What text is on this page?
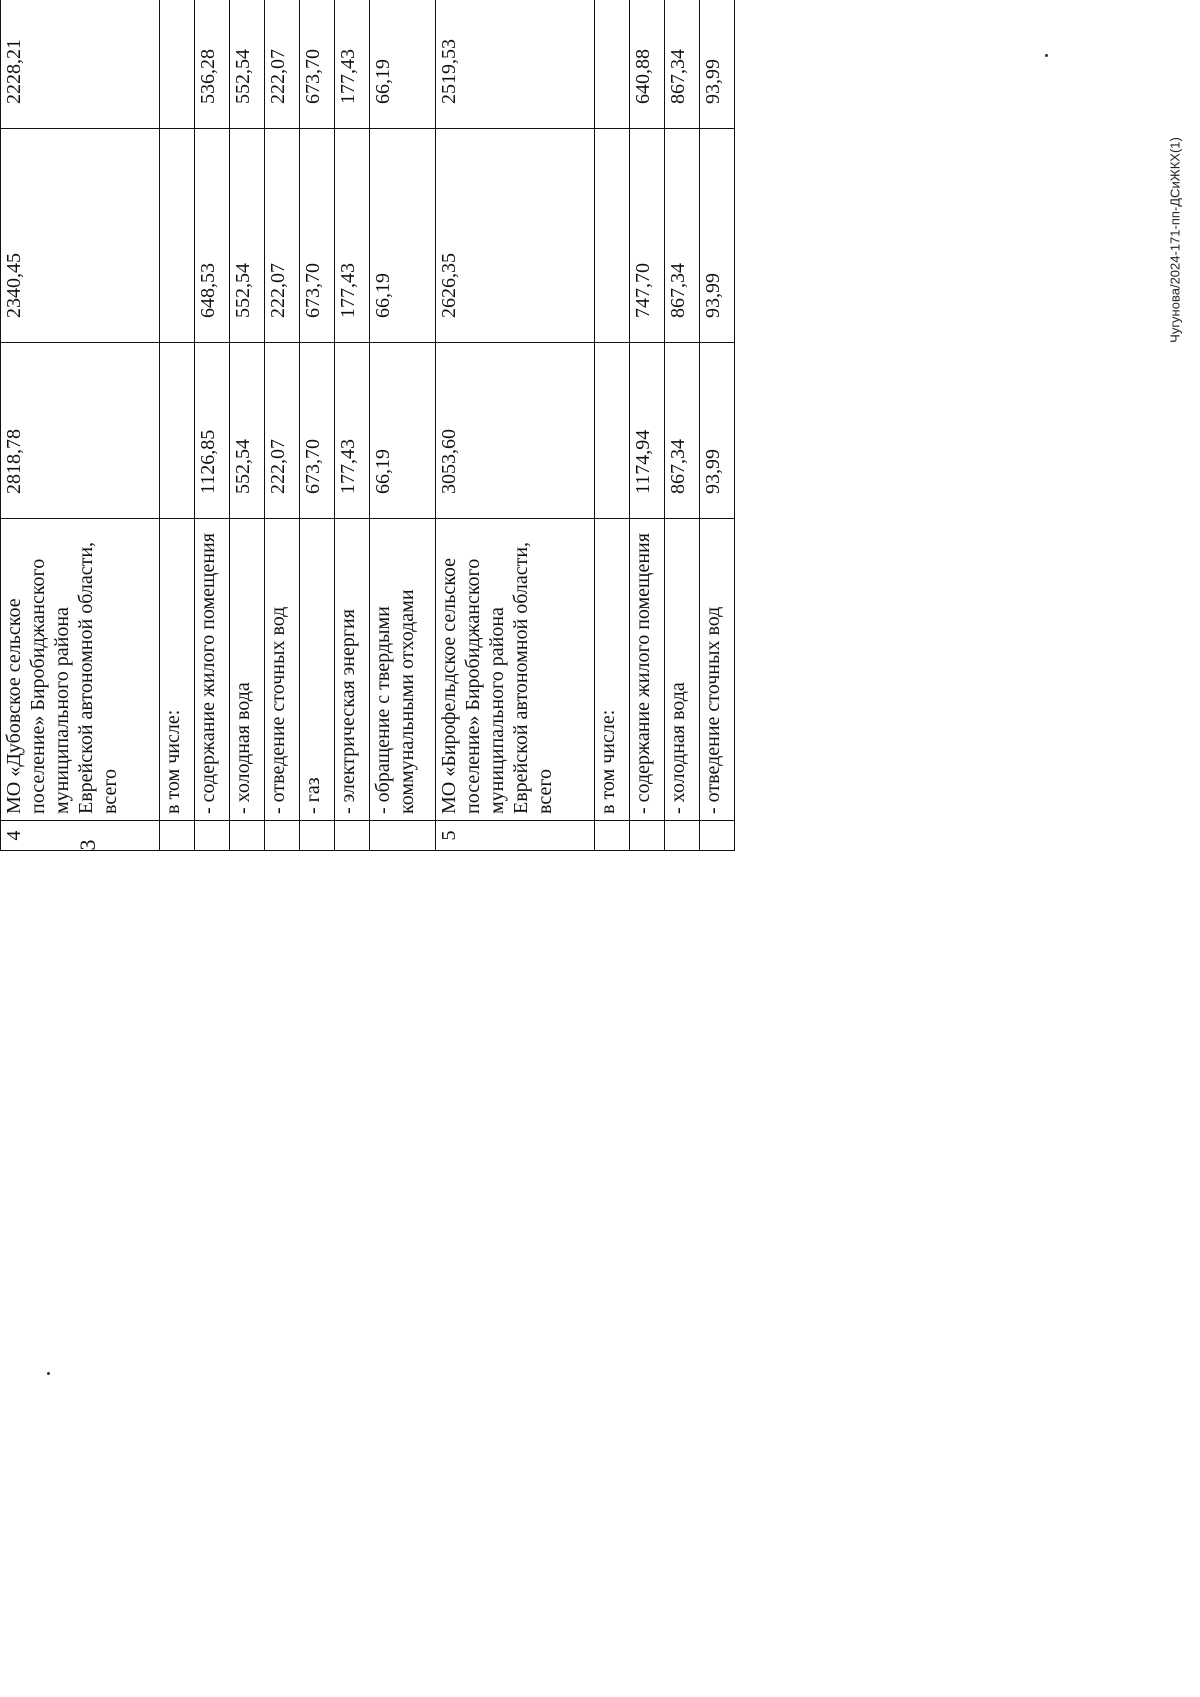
3
Чугунова/2024-171-пп-ДСиЖКХ(1)

4	МО «Дубовское сельское поселение» Биробиджанского муниципального района Еврейской автономной области, всего	2818,78	2340,45	2228,21			
	в том числе:						
	- содержание жилого помещения	1126,85	648,53	536,28			
	- холодная вода	552,54	552,54	552,54			
	- отведение сточных вод	222,07	222,07	222,07			
	- газ	673,70	673,70	673,70			
	- электрическая энергия	177,43	177,43	177,43			
	- обращение с твердыми коммунальными отходами	66,19	66,19	66,19			
5	МО «Бирофельдское сельское поселение» Биробиджанского муниципального района Еврейской автономной области, всего	3053,60	2626,35	2519,53			
	в том числе:						
	- содержание жилого помещения	1174,94	747,70	640,88			
	- холодная вода	867,34	867,34	867,34			
	- отведение сточных вод	93,99	93,99	93,99			
